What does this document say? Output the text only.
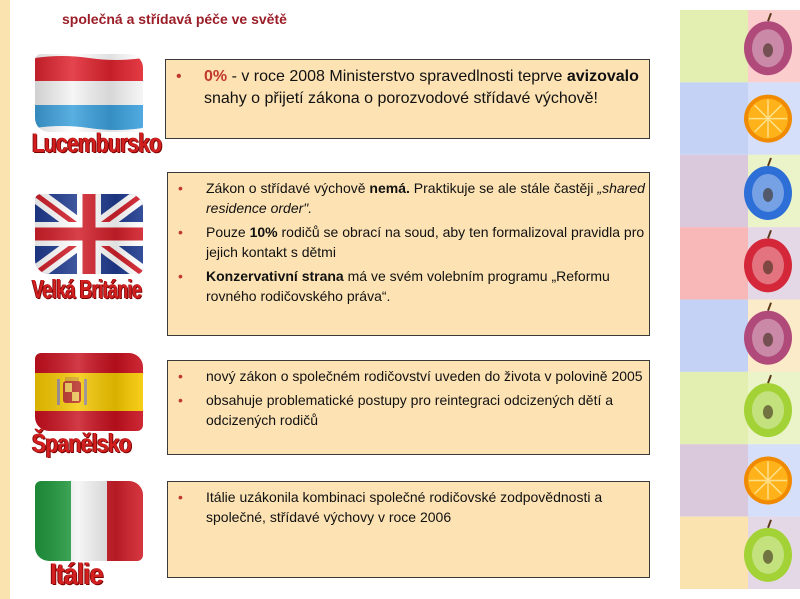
společná a střídavá péče ve světě
Lucembursko
Velká Británie
Španělsko
Itálie
• 0% - v roce 2008 Ministerstvo spravedlnosti teprve avizovalo snahy o přijetí zákona o porozvodové střídavé výchově!
• Zákon o střídavé výchově nemá. Praktikuje se ale stále častěji „shared residence order".
• Pouze 10% rodičů se obrací na soud, aby ten formalizoval pravidla pro jejich kontakt s dětmi
• Konzervativní strana má ve svém volebním programu „Reformu rovného rodičovského práva“.
• nový zákon o společném rodičovství uveden do života v polovině 2005
• obsahuje problematické postupy pro reintegraci odcizených dětí a odcizených rodičů
• Itálie uzákonila kombinaci společné rodičovské zodpovědnosti a společné, střídavé výchovy v roce 2006
